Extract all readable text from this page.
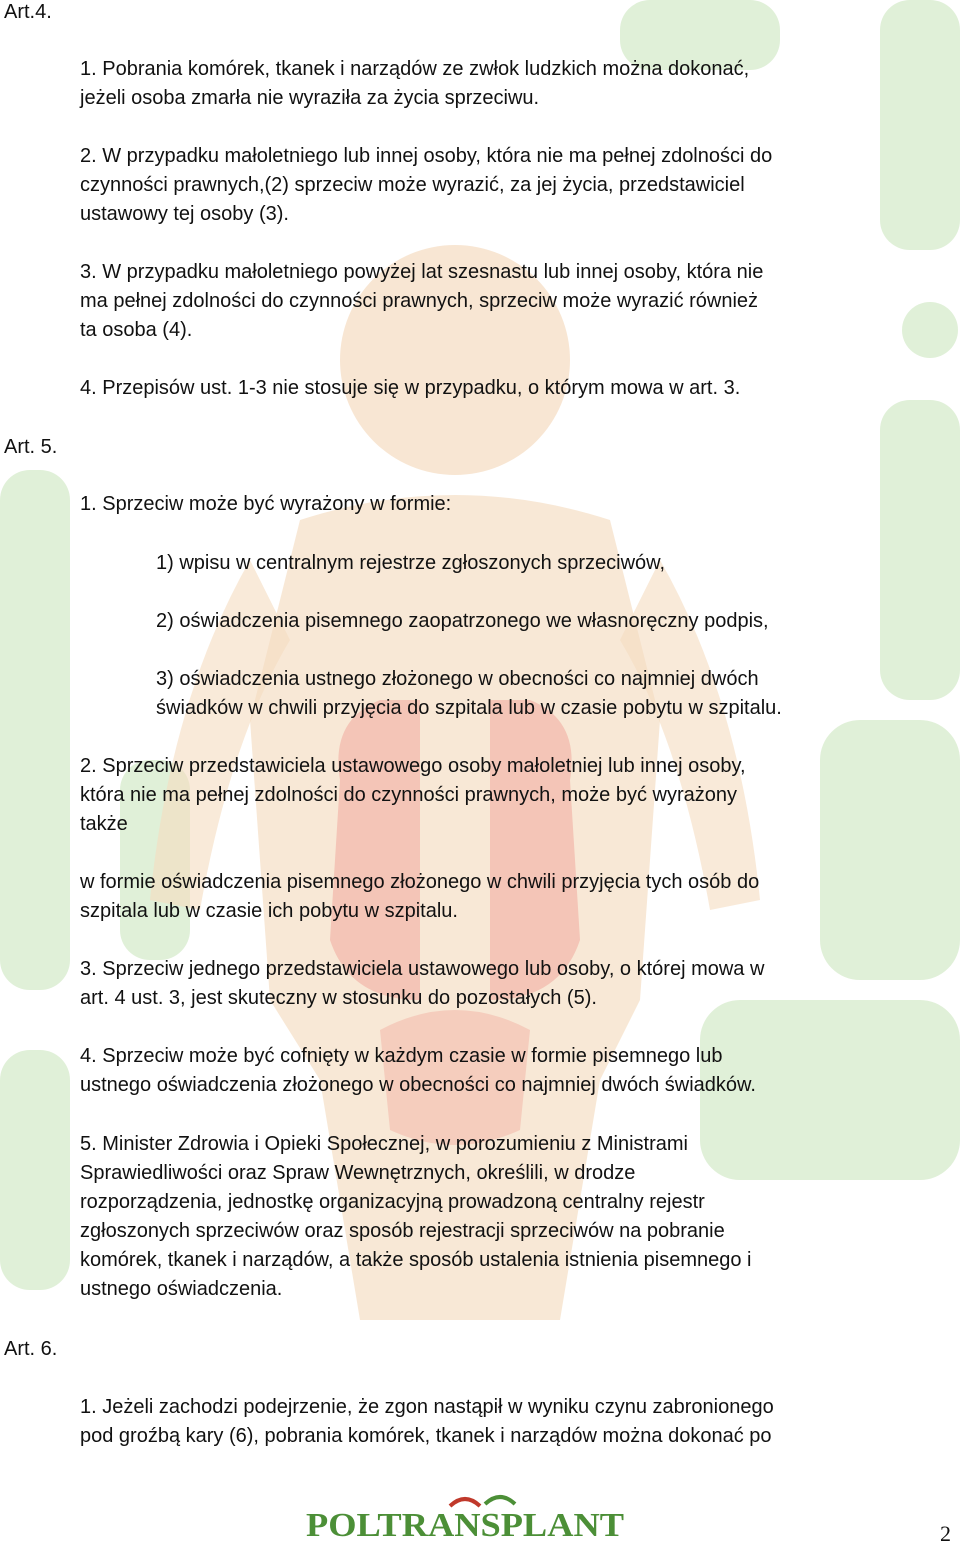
Art.4.
1. Pobrania komórek, tkanek i narządów ze zwłok ludzkich można dokonać,
jeżeli osoba zmarła nie wyraziła za życia sprzeciwu.
2. W przypadku małoletniego lub innej osoby, która nie ma pełnej zdolności do
czynności prawnych,(2) sprzeciw może wyrazić, za jej życia, przedstawiciel
ustawowy tej osoby (3).
3. W przypadku małoletniego powyżej lat szesnastu lub innej osoby, która nie
ma pełnej zdolności do czynności prawnych, sprzeciw może wyrazić również
ta osoba (4).
4. Przepisów ust. 1-3 nie stosuje się w przypadku, o którym mowa w art. 3.
Art. 5.
1. Sprzeciw może być wyrażony w formie:
1) wpisu w centralnym rejestrze zgłoszonych sprzeciwów,
2) oświadczenia pisemnego zaopatrzonego we własnoręczny podpis,
3) oświadczenia ustnego złożonego w obecności co najmniej dwóch
świadków w chwili przyjęcia do szpitala lub w czasie pobytu w szpitalu.
2. Sprzeciw przedstawiciela ustawowego osoby małoletniej lub innej osoby,
która nie ma pełnej zdolności do czynności prawnych, może być wyrażony
także
w formie oświadczenia pisemnego złożonego w chwili przyjęcia tych osób do
szpitala lub w czasie ich pobytu w szpitalu.
3. Sprzeciw jednego przedstawiciela ustawowego lub osoby, o której mowa w
art. 4 ust. 3, jest skuteczny w stosunku do pozostałych (5).
4. Sprzeciw może być cofnięty w każdym czasie w formie pisemnego lub
ustnego oświadczenia złożonego w obecności co najmniej dwóch świadków.
5. Minister Zdrowia i Opieki Społecznej, w porozumieniu z Ministrami
Sprawiedliwości oraz Spraw Wewnętrznych, określili, w drodze
rozporządzenia, jednostkę organizacyjną prowadzoną centralny rejestr
zgłoszonych sprzeciwów oraz sposób rejestracji sprzeciwów na pobranie
komórek, tkanek i narządów, a także sposób ustalenia istnienia pisemnego i
ustnego oświadczenia.
Art. 6.
1. Jeżeli zachodzi podejrzenie, że zgon nastąpił w wyniku czynu zabronionego
pod groźbą kary (6), pobrania komórek, tkanek i narządów można dokonać po
POLTRANSPLANT	2
